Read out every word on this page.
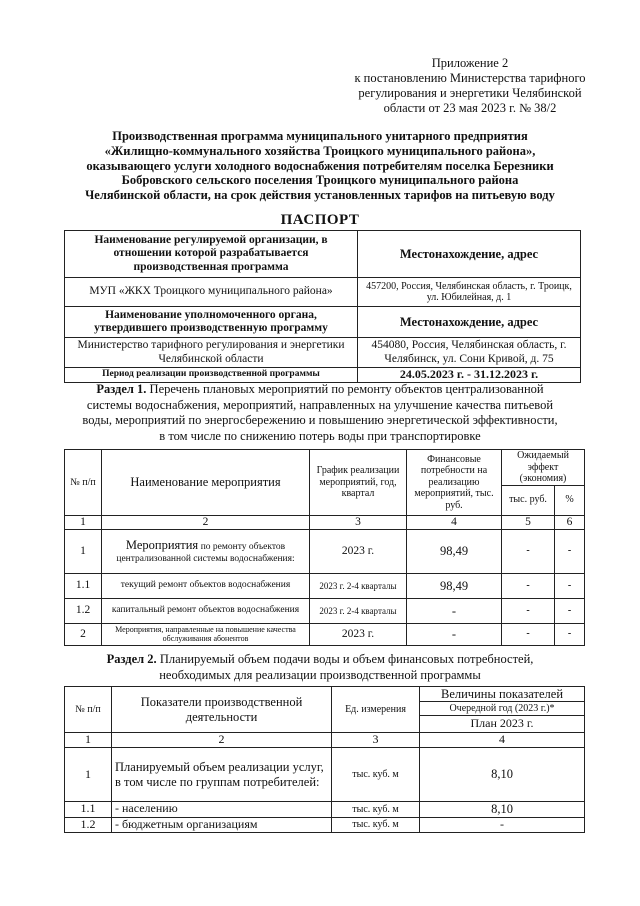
Приложение 2
к постановлению Министерства тарифного
регулирования и энергетики Челябинской
области от 23 мая 2023 г. № 38/2
Производственная программа муниципального унитарного предприятия
«Жилищно-коммунального хозяйства Троицкого муниципального района»,
оказывающего услуги холодного водоснабжения потребителям поселка Березники
Бобровского сельского поселения Троицкого муниципального района
Челябинской области, на срок действия установленных тарифов на питьевую воду
ПАСПОРТ
Наименование регулируемой организации, в отношении которой разрабатывается производственная программа	Местонахождение, адрес
МУП «ЖКХ Троицкого муниципального района»	457200, Россия, Челябинская область, г. Троицк, ул. Юбилейная, д. 1
Наименование уполномоченного органа, утвердившего производственную программу	Местонахождение, адрес
Министерство тарифного регулирования и энергетики Челябинской области	454080, Россия, Челябинская область, г. Челябинск, ул. Сони Кривой, д. 75
Период реализации производственной программы	24.05.2023 г. - 31.12.2023 г.
Раздел 1. Перечень плановых мероприятий по ремонту объектов централизованной
системы водоснабжения, мероприятий, направленных на улучшение качества питьевой
воды, мероприятий по энергосбережению и повышению энергетической эффективности,
в том числе по снижению потерь воды при транспортировке
№ п/п	Наименование мероприятия	График реализации мероприятий, год, квартал	Финансовые потребности на реализацию мероприятий, тыс. руб.	Ожидаемый эффект (экономия)	
				тыс. руб.	%
1	2	3	4	5	6
1	Мероприятия по ремонту объектов централизованной системы водоснабжения:	2023 г.	98,49	-	-
1.1	текущий ремонт объектов водоснабжения	2023 г. 2-4 кварталы	98,49	-	-
1.2	капитальный ремонт объектов водоснабжения	2023 г. 2-4 кварталы	-	-	-
2	Мероприятия, направленные на повышение качества обслуживания абонентов	2023 г.	-	-	-
Раздел 2. Планируемый объем подачи воды и объем финансовых потребностей,
необходимых для реализации производственной программы
№ п/п	Показатели производственной деятельности	Ед. измерения	Величины показателей
			Очередной год (2023 г.)*
			План 2023 г.
1	2	3	4
1	Планируемый объем реализации услуг, в том числе по группам потребителей:	тыс. куб. м	8,10
1.1	- населению	тыс. куб. м	8,10
1.2	- бюджетным организациям	тыс. куб. м	-
